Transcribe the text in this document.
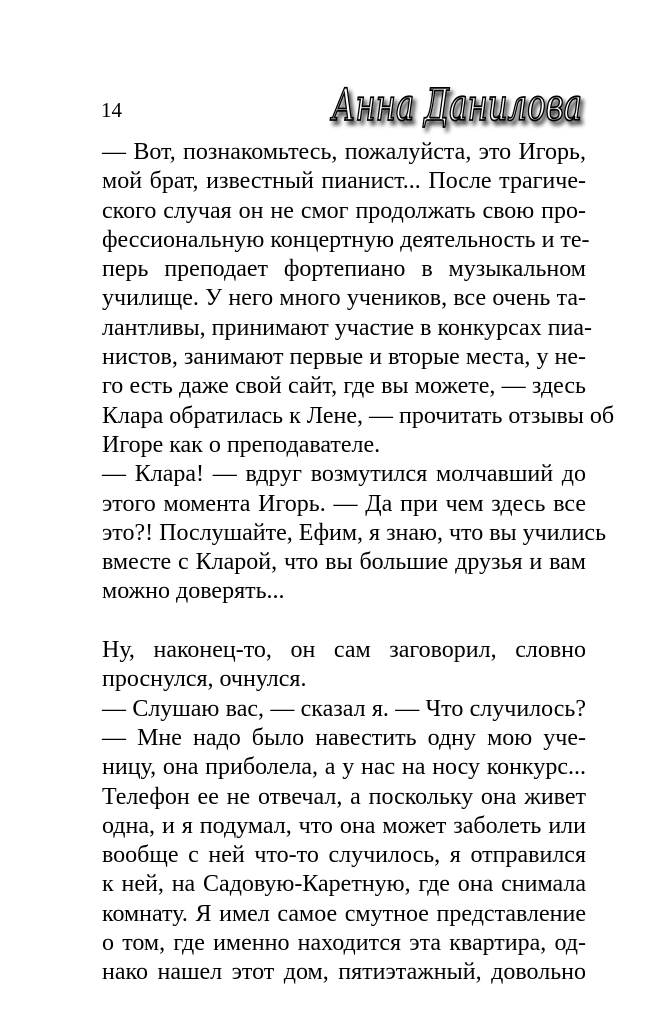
14	Анна Данилова
— Вот, познакомьтесь, пожалуйста, это Игорь,
мой брат, известный пианист... После трагиче-
ского случая он не смог продолжать свою про-
фессиональную концертную деятельность и те-
перь преподает фортепиано в музыкальном
училище. У него много учеников, все очень та-
лантливы, принимают участие в конкурсах пиа-
нистов, занимают первые и вторые места, у не-
го есть даже свой сайт, где вы можете, — здесь
Клара обратилась к Лене, — прочитать отзывы об
Игоре как о преподавателе.
— Клара! — вдруг возмутился молчавший до
этого момента Игорь. — Да при чем здесь все
это?! Послушайте, Ефим, я знаю, что вы учились
вместе с Кларой, что вы большие друзья и вам
можно доверять...
Ну, наконец-то, он сам заговорил, словно
проснулся, очнулся.
— Слушаю вас, — сказал я. — Что случилось?
— Мне надо было навестить одну мою уче-
ницу, она приболела, а у нас на носу конкурс...
Телефон ее не отвечал, а поскольку она живет
одна, и я подумал, что она может заболеть или
вообще с ней что-то случилось, я отправился
к ней, на Садовую-Каретную, где она снимала
комнату. Я имел самое смутное представление
о том, где именно находится эта квартира, од-
нако нашел этот дом, пятиэтажный, довольно
